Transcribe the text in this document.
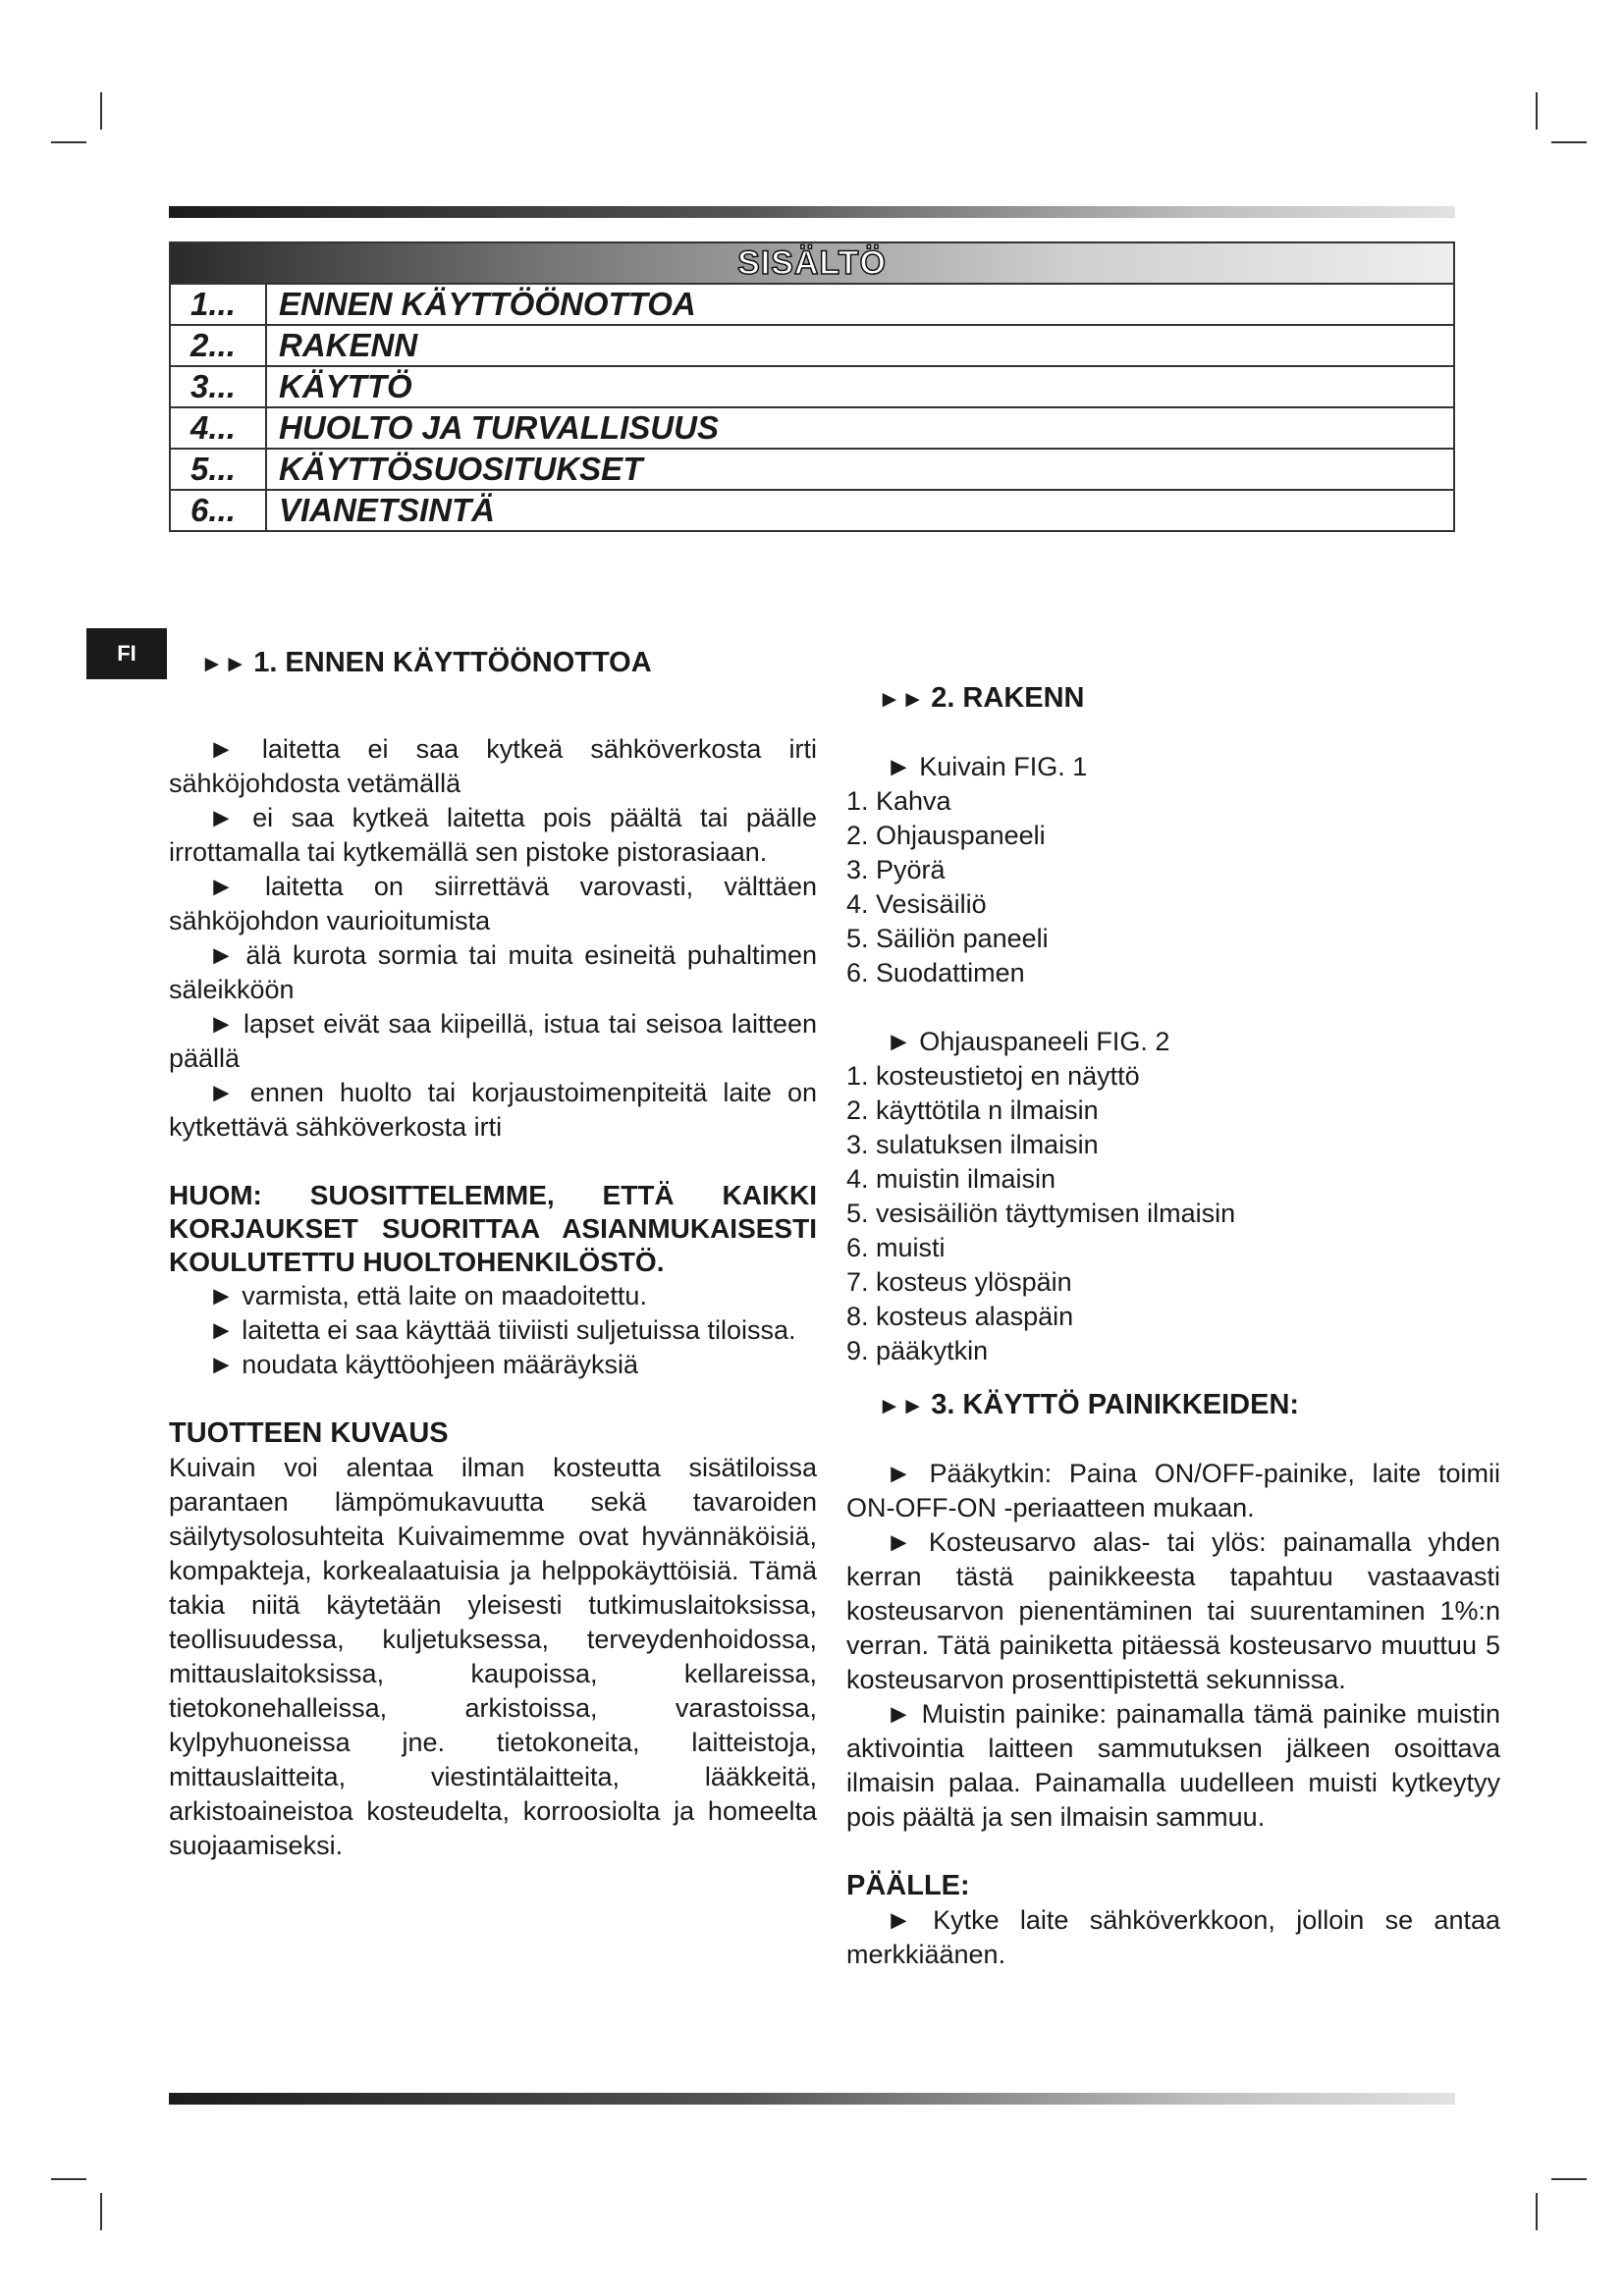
SISÄLTÖ	
1...	ENNEN KÄYTTÖÖNOTTOA
2...	RAKENN
3...	KÄYTTÖ
4...	HUOLTO JA TURVALLISUUS
5...	KÄYTTÖSUOSITUKSET
6...	VIANETSINTÄ
FI	►► 1. ENNEN KÄYTTÖÖNOTTOA

► laitetta ei saa kytkeä sähköverkosta irti sähköjohdosta vetämällä

► ei saa kytkeä laitetta pois päältä tai päälle irrottamalla tai kytkemällä sen pistoke pistorasiaan.

► laitetta on siirrettävä varovasti, välttäen sähköjohdon vaurioitumista

► älä kurota sormia tai muita esineitä puhaltimen säleikköön

► lapset eivät saa kiipeillä, istua tai seisoa laitteen päällä

► ennen huolto tai korjaustoimenpiteitä laite on kytkettävä sähköverkosta irti

HUOM: SUOSITTELEMME, ETTÄ KAIKKI KORJAUKSET SUORITTAA ASIANMUKAISESTI KOULUTETTU HUOLTOHENKILÖSTÖ.

► varmista, että laite on maadoitettu.

► laitetta ei saa käyttää tiiviisti suljetuissa tiloissa.

► noudata käyttöohjeen määräyksiä

TUOTTEEN KUVAUS

Kuivain voi alentaa ilman kosteutta sisätiloissa parantaen lämpömukavuutta sekä tavaroiden säilytysolosuhteita Kuivaimemme ovat hyvännäköisiä, kompakteja, korkealaatuisia ja helppokäyttöisiä. Tämä takia niitä käytetään yleisesti tutkimuslaitoksissa, teollisuudessa, kuljetuksessa, terveydenhoidossa, mittauslaitoksissa, kaupoissa, kellareissa, tietokonehalleissa, arkistoissa, varastoissa, kylpyhuoneissa jne. tietokoneita, laitteistoja, mittauslaitteita, viestintälaitteita, lääkkeitä, arkistoaineistoa kosteudelta, korroosiolta ja homeelta suojaamiseksi.

►► 2. RAKENN

► Kuivain FIG. 1

1. Kahva
2. Ohjauspaneeli
3. Pyörä
4. Vesisäiliö
5. Säiliön paneeli
6. Suodattimen

► Ohjauspaneeli FIG. 2

1. kosteustietoj en näyttö
2. käyttötila n ilmaisin
3. sulatuksen ilmaisin
4. muistin ilmaisin
5. vesisäiliön täyttymisen ilmaisin
6. muisti
7. kosteus ylöspäin
8. kosteus alaspäin
9. pääkytkin

►► 3. KÄYTTÖ PAINIKKEIDEN:

► Pääkytkin: Paina ON/OFF-painike, laite toimii ON-OFF-ON -periaatteen mukaan.

► Kosteusarvo alas- tai ylös: painamalla yhden kerran tästä painikkeesta tapahtuu vastaavasti kosteusarvon pienentäminen tai suurentaminen 1%:n verran. Tätä painiketta pitäessä kosteusarvo muuttuu 5 kosteusarvon prosenttipistettä sekunnissa.

► Muistin painike: painamalla tämä painike muistin aktivointia laitteen sammutuksen jälkeen osoittava ilmaisin palaa. Painamalla uudelleen muisti kytkeytyy pois päältä ja sen ilmaisin sammuu.

PÄÄLLE:

► Kytke laite sähköverkkoon, jolloin se antaa merkkiäänen.
